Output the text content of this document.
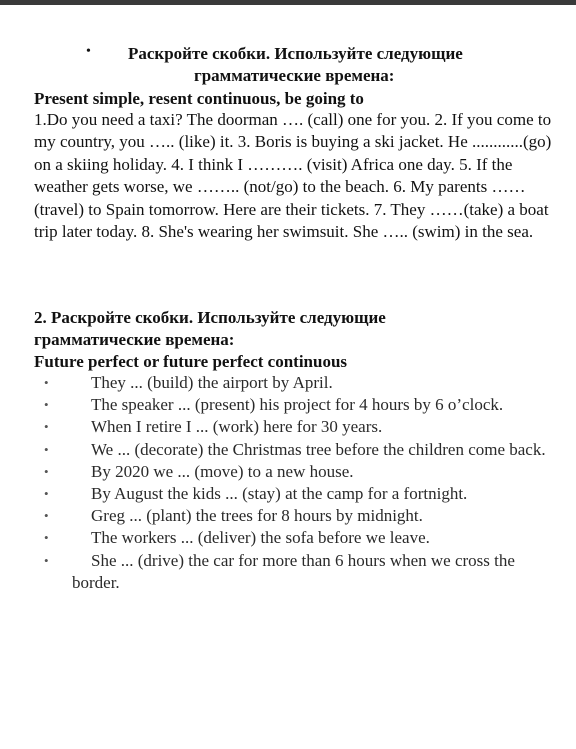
• Раскройте скобки. Используйте следующие
грамматические времена:
Present simple, resent continuous, be going to
1.Do you need a taxi? The doorman …. (call) one for you. 2. If you come to my country, you ….. (like) it. 3. Boris is buying a ski jacket. He ............(go) on a skiing holiday. 4. I think I ………. (visit) Africa one day. 5. If the weather gets worse, we …….. (not/go) to the beach. 6. My parents …… (travel) to Spain tomorrow. Here are their tickets. 7. They ……(take) a boat trip later today. 8. She's wearing her swimsuit. She ….. (swim) in the sea.
2. Раскройте скобки. Используйте следующие
грамматические времена:
Future perfect or future perfect continuous
•	They ... (build) the airport by April.
•	The speaker ... (present) his project for 4 hours by 6 o’clock.
•	When I retire I ... (work) here for 30 years.
•	We ... (decorate) the Christmas tree before the children come back.
•	By 2020 we ... (move) to a new house.
•	By August the kids ... (stay) at the camp for a fortnight.
•	Greg ... (plant) the trees for 8 hours by midnight.
•	The workers ... (deliver) the sofa before we leave.
•	She ... (drive) the car for more than 6 hours when we cross the border.
